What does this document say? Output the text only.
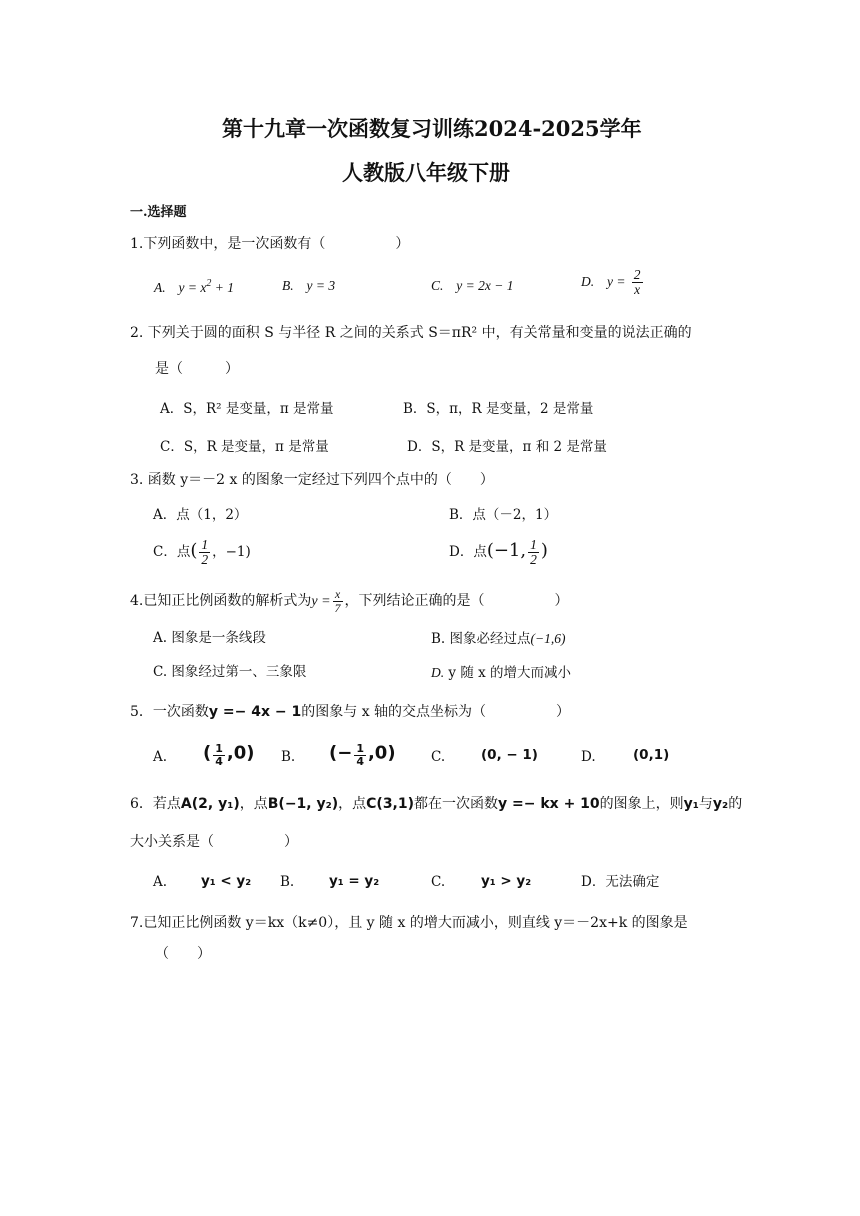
第十九章一次函数复习训练2024-2025学年
人教版八年级下册
一.选择题
1.下列函数中，是一次函数有（　　　　　）
A. $y = x^2 + 1$	B. y = 3	C. y = 2x − 1	D. $y = \frac{2}{x}$
2. 下列关于圆的面积 S 与半径 R 之间的关系式 S＝πR² 中，有关常量和变量的说法正确的
是（　　　）
A．S，R² 是变量，π 是常量	B．S，π，R 是变量，2 是常量
C．S，R 是变量，π 是常量	D．S，R 是变量，π 和 2 是常量
3. 函数 y＝－2 x 的图象一定经过下列四个点中的（　　）
A．点（1，2）	B．点（－2，1）
C．点( $\frac{1}{2}$ ，−1)	D．点(−1, $\frac{1}{2}$ )
4.已知正比例函数的解析式为$y = \frac{x}{7}$ ，下列结论正确的是（　　　　　）
A. 图象是一条线段	B. 图象必经过点(−1,6)
C. 图象经过第一、三象限	D. y 随 x 的增大而减小
5．一次函数y =− 4x − 1的图象与 x 轴的交点坐标为（　　　　　）
A. ( $\frac{1}{4} ,0$) B. (− $\frac{1}{4} ,0$)	C.	(0, − 1)	D.	(0,1)
6．若点A(2, y₁)，点B(−1, y₂)，点C(3,1)都在一次函数y =− kx + 10的图象上，则y₁与y₂的
大小关系是（　　　　　）
A.	y₁ < y₂ B.	y₁ = y₂	C.	y₁ > y₂	D．无法确定
7.已知正比例函数 y＝kx（k≠0），且 y 随 x 的增大而减小，则直线 y＝－2x+k 的图象是
（　　）
